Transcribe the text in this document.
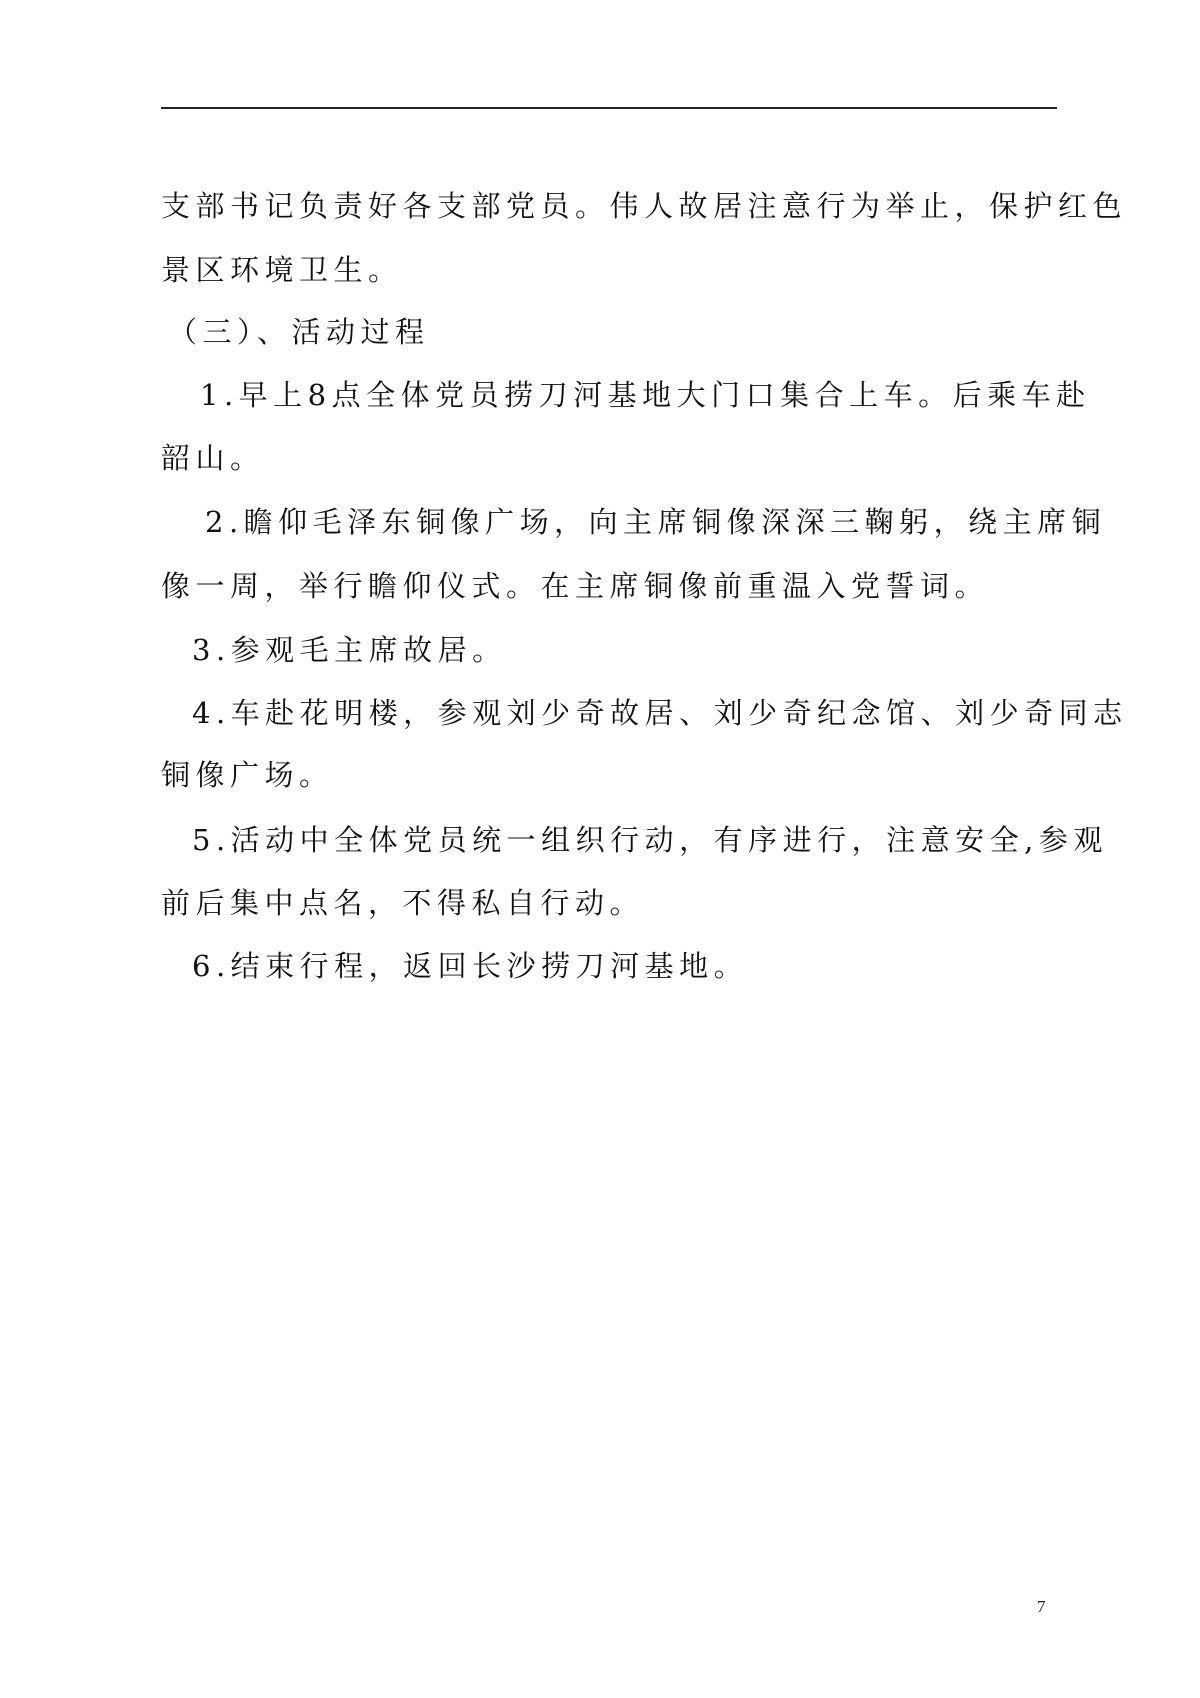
支部书记负责好各支部党员。伟人故居注意行为举止，保护红色
景区环境卫生。
（三）、活动过程
1.早上8点全体党员捞刀河基地大门口集合上车。后乘车赴
韶山。
2.瞻仰毛泽东铜像广场，向主席铜像深深三鞠躬，绕主席铜
像一周，举行瞻仰仪式。在主席铜像前重温入党誓词。
3.参观毛主席故居。
4.车赴花明楼，参观刘少奇故居、刘少奇纪念馆、刘少奇同志
铜像广场。
5.活动中全体党员统一组织行动，有序进行，注意安全,参观
前后集中点名，不得私自行动。
6.结束行程，返回长沙捞刀河基地。
7
